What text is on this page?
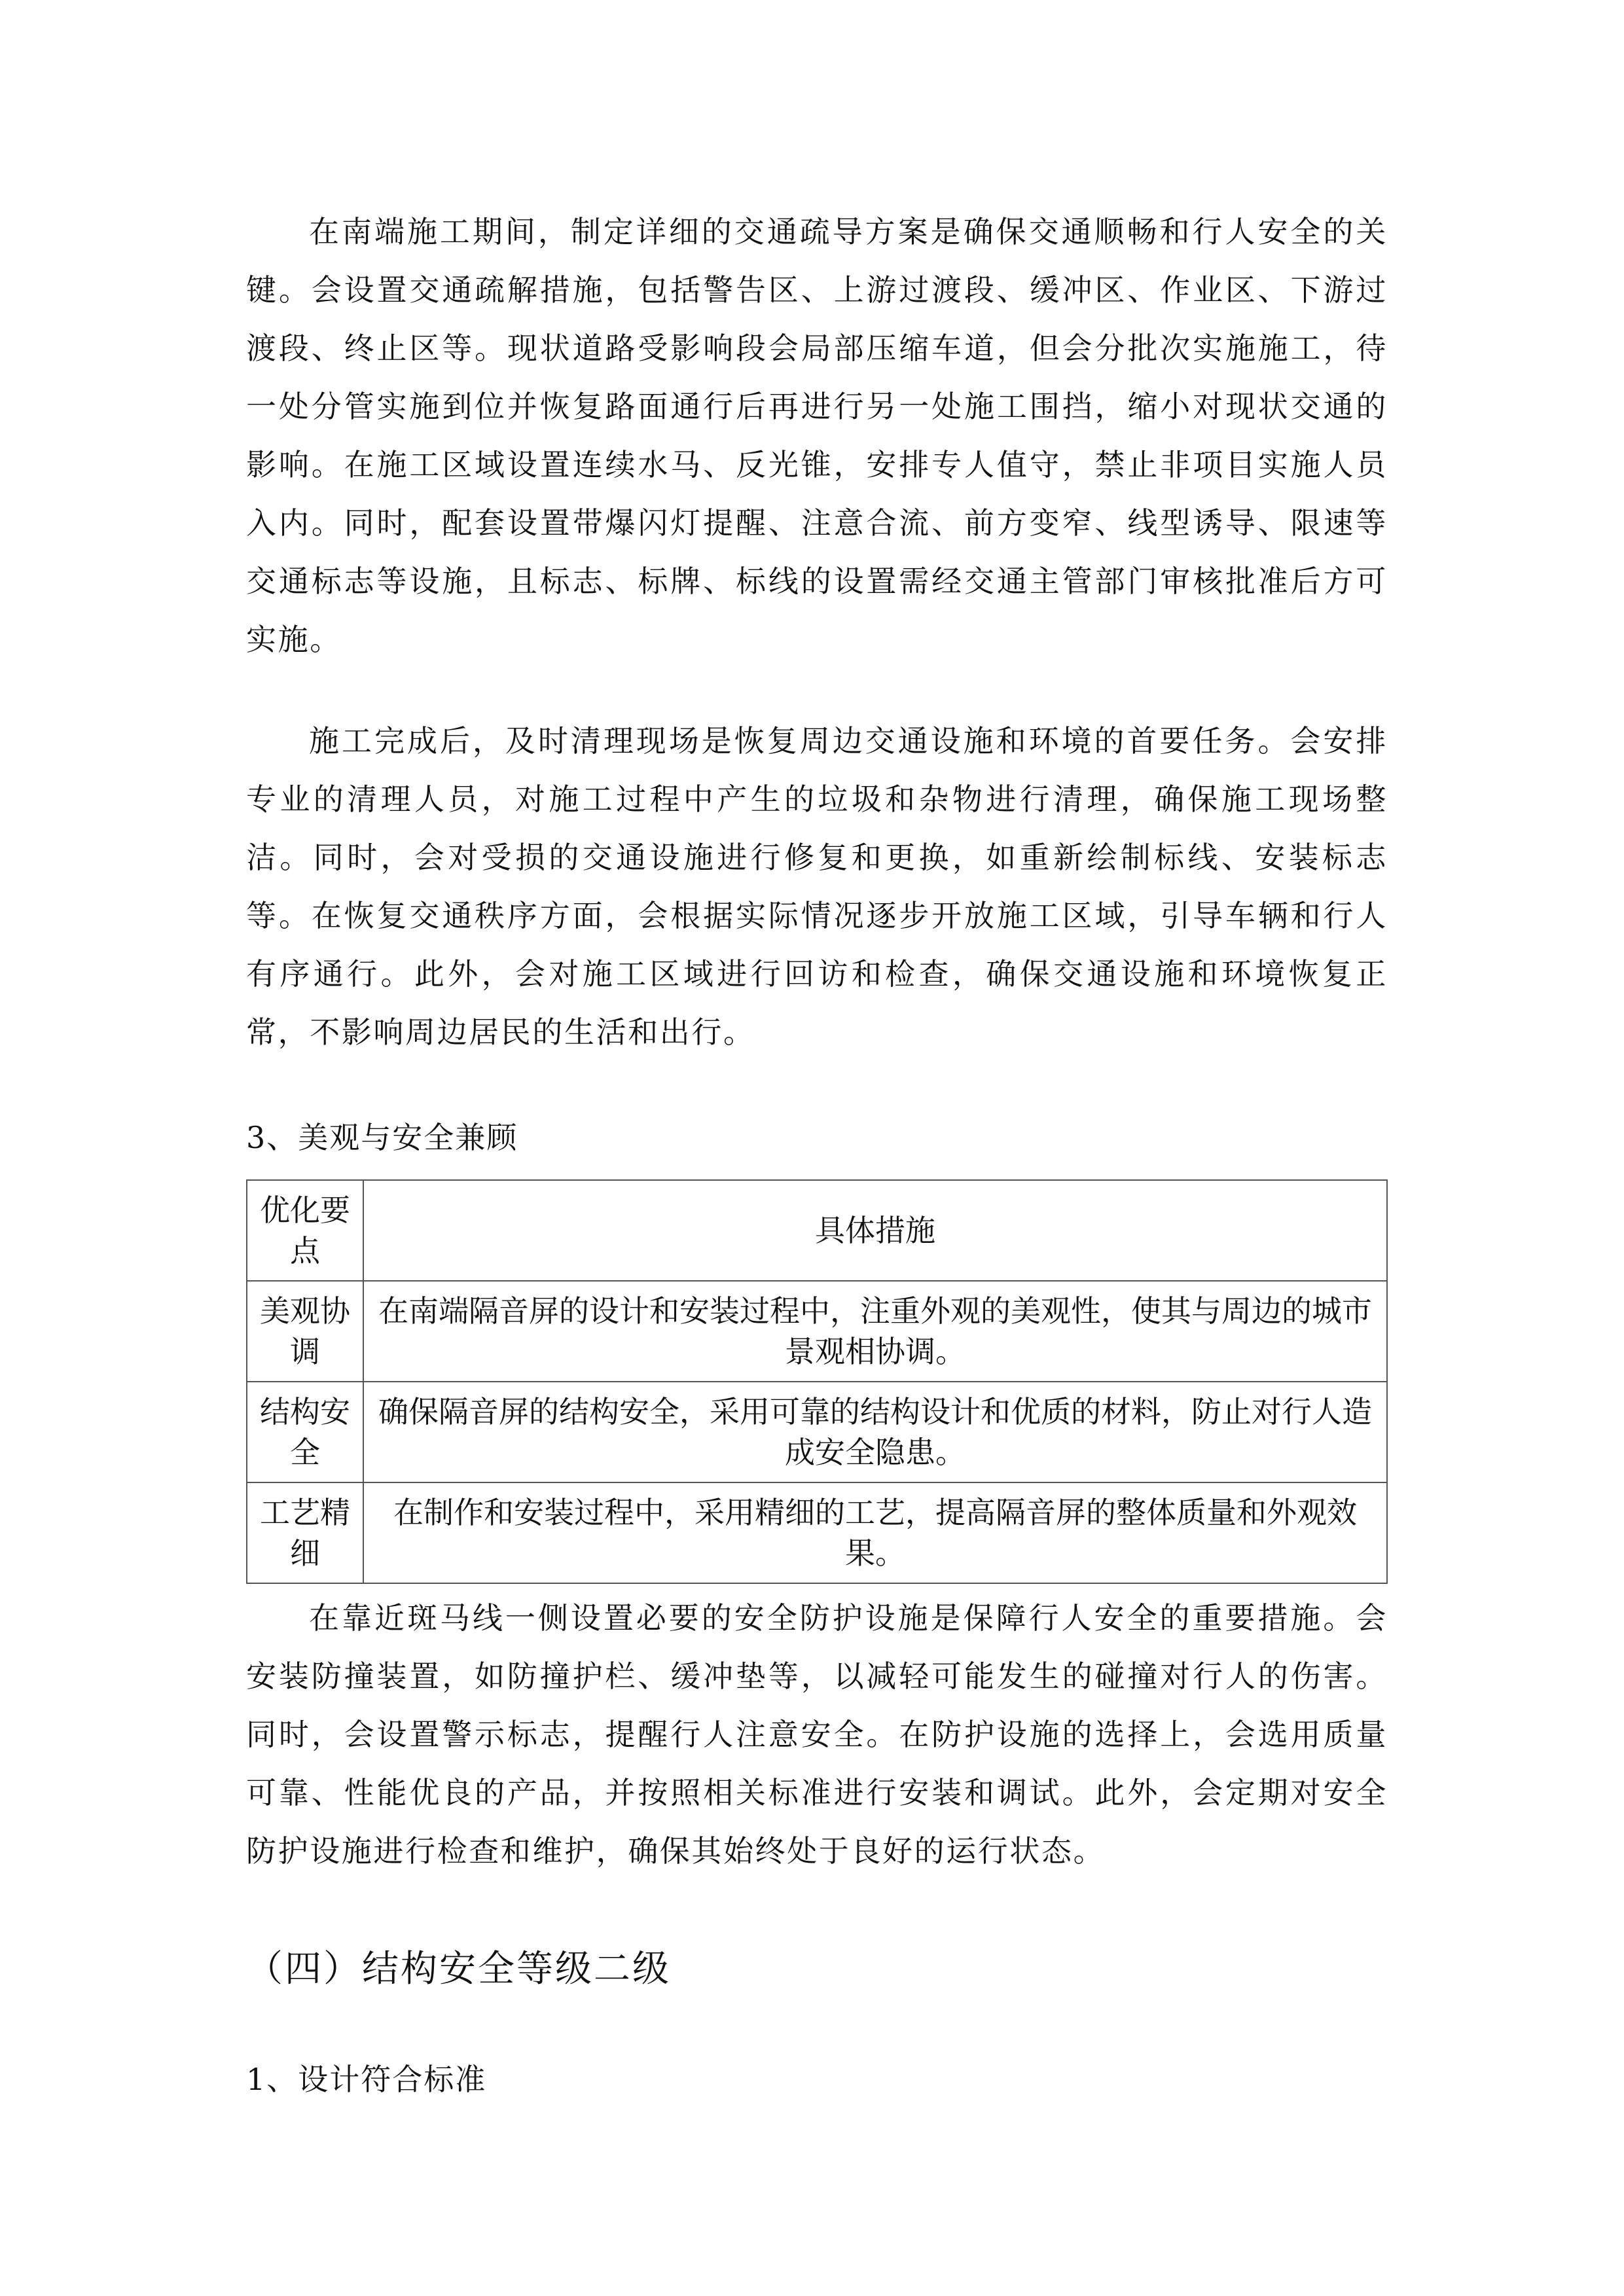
在南端施工期间，制定详细的交通疏导方案是确保交通顺畅和行人安全的关键。会设置交通疏解措施，包括警告区、上游过渡段、缓冲区、作业区、下游过渡段、终止区等。现状道路受影响段会局部压缩车道，但会分批次实施施工，待一处分管实施到位并恢复路面通行后再进行另一处施工围挡，缩小对现状交通的影响。在施工区域设置连续水马、反光锥，安排专人值守，禁止非项目实施人员入内。同时，配套设置带爆闪灯提醒、注意合流、前方变窄、线型诱导、限速等交通标志等设施，且标志、标牌、标线的设置需经交通主管部门审核批准后方可实施。

施工完成后，及时清理现场是恢复周边交通设施和环境的首要任务。会安排专业的清理人员，对施工过程中产生的垃圾和杂物进行清理，确保施工现场整洁。同时，会对受损的交通设施进行修复和更换，如重新绘制标线、安装标志等。在恢复交通秩序方面，会根据实际情况逐步开放施工区域，引导车辆和行人有序通行。此外，会对施工区域进行回访和检查，确保交通设施和环境恢复正常，不影响周边居民的生活和出行。

3、美观与安全兼顾

优化要点	具体措施
美观协调	在南端隔音屏的设计和安装过程中，注重外观的美观性，使其与周边的城市景观相协调。
结构安全	确保隔音屏的结构安全，采用可靠的结构设计和优质的材料，防止对行人造成安全隐患。
工艺精细	在制作和安装过程中，采用精细的工艺，提高隔音屏的整体质量和外观效果。

在靠近斑马线一侧设置必要的安全防护设施是保障行人安全的重要措施。会安装防撞装置，如防撞护栏、缓冲垫等，以减轻可能发生的碰撞对行人的伤害。同时，会设置警示标志，提醒行人注意安全。在防护设施的选择上，会选用质量可靠、性能优良的产品，并按照相关标准进行安装和调试。此外，会定期对安全防护设施进行检查和维护，确保其始终处于良好的运行状态。

（四）结构安全等级二级

1、设计符合标准
